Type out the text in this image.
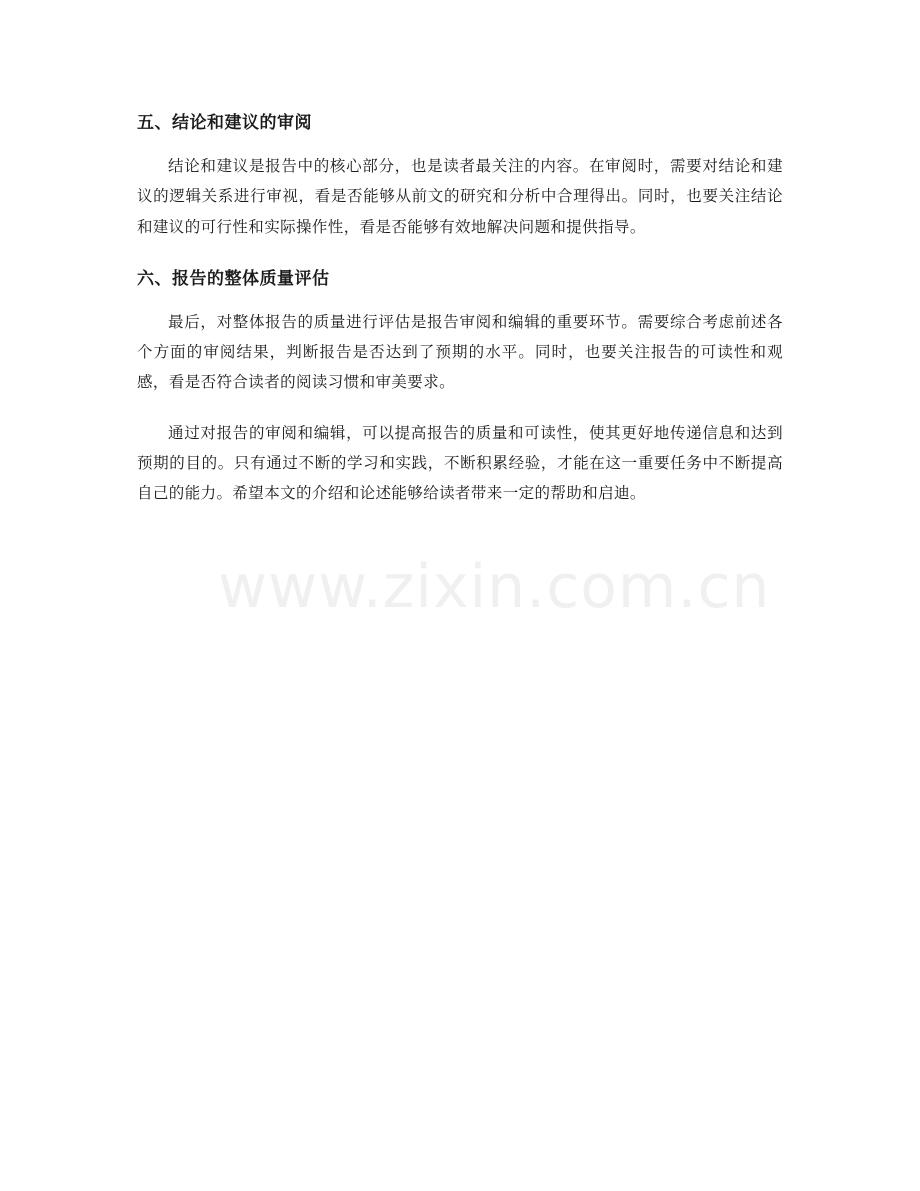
五、结论和建议的审阅

结论和建议是报告中的核心部分，也是读者最关注的内容。在审阅时，需要对结论和建议的逻辑关系进行审视，看是否能够从前文的研究和分析中合理得出。同时，也要关注结论和建议的可行性和实际操作性，看是否能够有效地解决问题和提供指导。

六、报告的整体质量评估

最后，对整体报告的质量进行评估是报告审阅和编辑的重要环节。需要综合考虑前述各个方面的审阅结果，判断报告是否达到了预期的水平。同时，也要关注报告的可读性和观感，看是否符合读者的阅读习惯和审美要求。

通过对报告的审阅和编辑，可以提高报告的质量和可读性，使其更好地传递信息和达到预期的目的。只有通过不断的学习和实践，不断积累经验，才能在这一重要任务中不断提高自己的能力。希望本文的介绍和论述能够给读者带来一定的帮助和启迪。

www.zixin.com.cn
